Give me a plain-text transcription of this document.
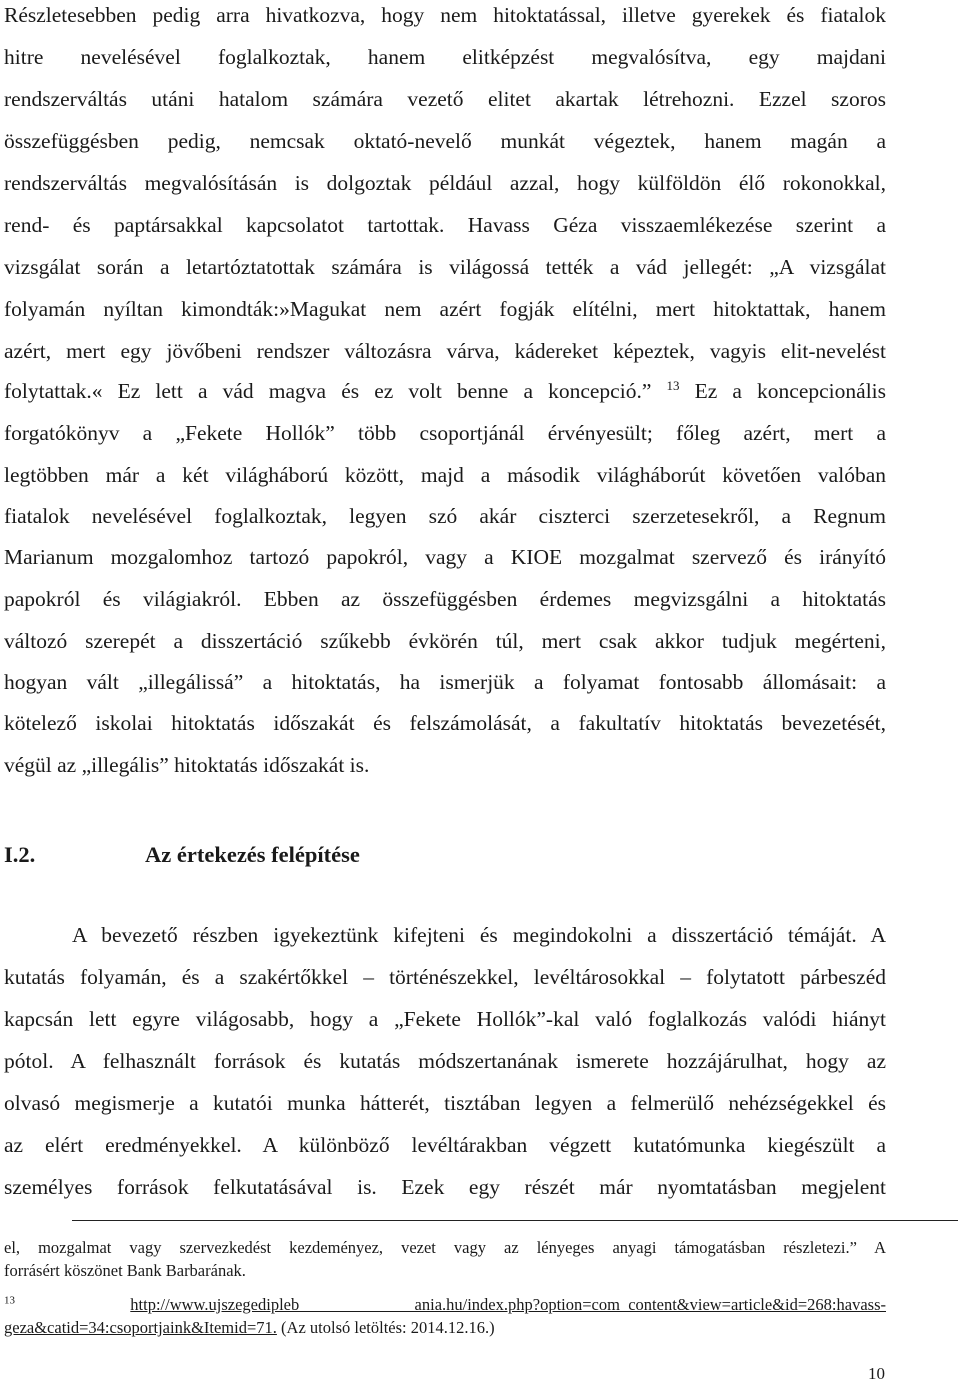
Részletesebben pedig arra hivatkozva, hogy nem hitoktatással, illetve gyerekek és fiatalok
hitre nevelésével foglalkoztak, hanem elitképzést megvalósítva, egy majdani
rendszerváltás utáni hatalom számára vezető elitet akartak létrehozni. Ezzel szoros
összefüggésben pedig, nemcsak oktató-nevelő munkát végeztek, hanem magán a
rendszerváltás megvalósításán is dolgoztak például azzal, hogy külföldön élő rokonokkal,
rend- és paptársakkal kapcsolatot tartottak. Havass Géza visszaemlékezése szerint a
vizsgálat során a letartóztatottak számára is világossá tették a vád jellegét: „A vizsgálat
folyamán nyíltan kimondták:»Magukat nem azért fogják elítélni, mert hitoktattak, hanem
azért, mert egy jövőbeni rendszer változásra várva, kádereket képeztek, vagyis elit-nevelést
folytattak.« Ez lett a vád magva és ez volt benne a koncepció.” $^{13}$ Ez a koncepcionális
forgatókönyv a „Fekete Hollók” több csoportjánál érvényesült; főleg azért, mert a
legtöbben már a két világháború között, majd a második világháborút követően valóban
fiatalok nevelésével foglalkoztak, legyen szó akár ciszterci szerzetesekről, a Regnum
Marianum mozgalomhoz tartozó papokról, vagy a KIOE mozgalmat szervező és irányító
papokról és világiakról. Ebben az összefüggésben érdemes megvizsgálni a hitoktatás
változó szerepét a disszertáció szűkebb évkörén túl, mert csak akkor tudjuk megérteni,
hogyan vált „illegálissá” a hitoktatás, ha ismerjük a folyamat fontosabb állomásait: a
kötelező iskolai hitoktatás időszakát és felszámolását, a fakultatív hitoktatás bevezetését,
végül az „illegális” hitoktatás időszakát is.
I.2.	Az értekezés felépítése
A bevezető részben igyekeztünk kifejteni és megindokolni a disszertáció témáját. A
kutatás folyamán, és a szakértőkkel – történészekkel, levéltárosokkal – folytatott párbeszéd
kapcsán lett egyre világosabb, hogy a „Fekete Hollók”-kal való foglalkozás valódi hiányt
pótol. A felhasznált források és kutatás módszertanának ismerete hozzájárulhat, hogy az
olvasó megismerje a kutatói munka hátterét, tisztában legyen a felmerülő nehézségekkel és
az elért eredményekkel. A különböző levéltárakban végzett kutatómunka kiegészült a
személyes források felkutatásával is. Ezek egy részét már nyomtatásban megjelent
el, mozgalmat vagy szervezkedést kezdeményez, vezet vagy az lényeges anyagi támogatásban részletezi.” A
forrásért köszönet Bank Barbarának.
$^{13}$	http://www.ujszegedipleb ania.hu/index.php?option=com_content&view=article&id=268:havass-
geza&catid=34:csoportjaink&Itemid=71. (Az utolsó letöltés: 2014.12.16.)
10
